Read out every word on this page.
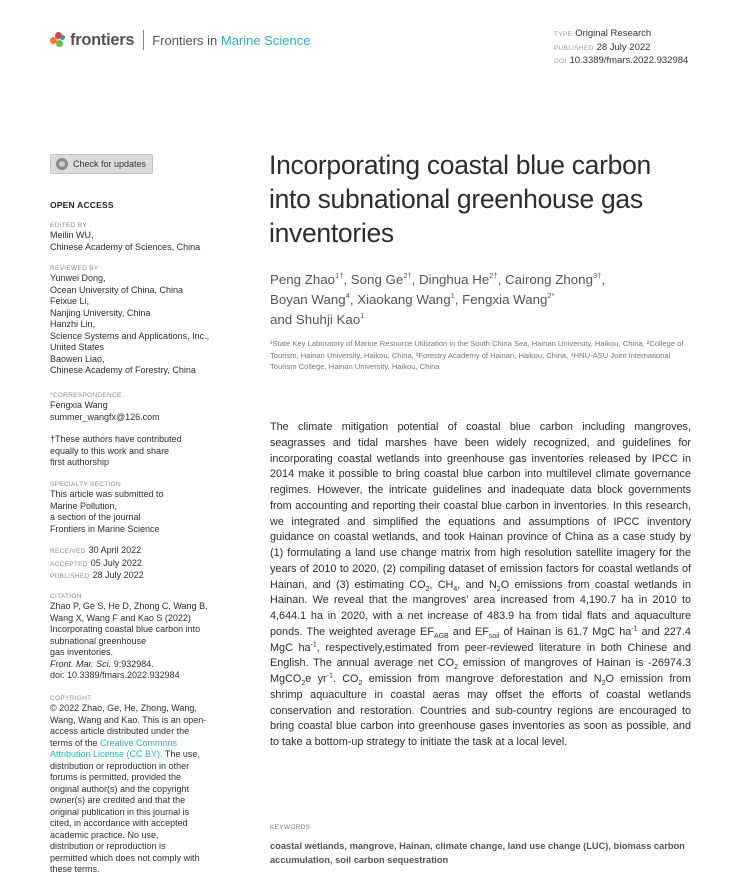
frontiers Frontiers in Marine Science	TYPE Original Research
PUBLISHED 28 July 2022
DOI 10.3389/fmars.2022.932984
Check for updates
OPEN ACCESS
EDITED BY
Meilin WU,
Chinese Academy of Sciences, China
REVIEWED BY
Yunwei Dong,
Ocean University of China, China
Feixue Li,
Nanjing University, China
Hanzhi Lin,
Science Systems and Applications, Inc.,
United States
Baowen Liao,
Chinese Academy of Forestry, China
*CORRESPONDENCE
Fengxia Wang
summer_wangfx@126.com
†These authors have contributed
equally to this work and share
first authorship
SPECIALTY SECTION
This article was submitted to
Marine Pollution,
a section of the journal
Frontiers in Marine Science
RECEIVED 30 April 2022
ACCEPTED 05 July 2022
PUBLISHED 28 July 2022
CITATION
Zhao P, Ge S, He D, Zhong C, Wang B,
Wang X, Wang F and Kao S (2022)
Incorporating coastal blue carbon into
subnational greenhouse
gas inventories.
Front. Mar. Sci. 9:932984.
doi: 10.3389/fmars.2022.932984
COPYRIGHT
© 2022 Zhao, Ge, He, Zhong, Wang,
Wang, Wang and Kao. This is an open-
access article distributed under the
terms of the Creative Commons
Attribution License (CC BY). The use,
distribution or reproduction in other
forums is permitted, provided the
original author(s) and the copyright
owner(s) are credited and that the
original publication in this journal is
cited, in accordance with accepted
academic practice. No use,
distribution or reproduction is
permitted which does not comply with
these terms.
Incorporating coastal blue carbon into subnational greenhouse gas inventories
Peng Zhao$^{1\dagger}$, Song $Ge^{2\dagger}$, Dinghua $He^{2\dagger}$, Cairong Zhong$^{3\dagger}$,
Boyan Wang$^4$, Xiaokang Wang$^1$, Fengxia Wang$^{2*}$
and Shuhji Kao$^1$
¹State Key Laboratory of Marine Resource Utilization in the South China Sea, Hainan University, Haikou, China, ²College of Tourism, Hainan University, Haikou, China, ³Forestry Academy of Hainan, Haikou, China, ⁴HNU-ASU Joint International Tourism College, Hainan University, Haikou, China
The climate mitigation potential of coastal blue carbon including mangroves, seagrasses and tidal marshes have been widely recognized, and guidelines for incorporating coastal wetlands into greenhouse gas inventories released by IPCC in 2014 make it possible to bring coastal blue carbon into multilevel climate governance regimes. However, the intricate guidelines and inadequate data block governments from accounting and reporting their coastal blue carbon in inventories. In this research, we integrated and simplified the equations and assumptions of IPCC inventory guidance on coastal wetlands, and took Hainan province of China as a case study by (1) formulating a land use change matrix from high resolution satellite imagery for the years of 2010 to 2020, (2) compiling dataset of emission factors for coastal wetlands of Hainan, and (3) estimating $CO_2$, $CH_4$, and $N_2O$ emissions from coastal wetlands in Hainan. We reveal that the mangroves’ area increased from 4,190.7 ha in 2010 to 4,644.1 ha in 2020, with a net increase of 483.9 ha from tidal flats and aquaculture ponds. The weighted average $EF_{AGB}$ and $EF_{soil}$ of Hainan is 61.7 MgC $ha^{-1}$ and 227.4 MgC $ha^{-1}$, respectively,estimated from peer-reviewed literature in both Chinese and English. The annual average net $CO_2$ emission of mangroves of Hainan is -26974.3 MgCO$_2$e $yr^{-1}$. $CO_2$ emission from mangrove deforestation and $N_2O$ emission from shrimp aquaculture in coastal aeras may offset the efforts of coastal wetlands conservation and restoration. Countries and sub-country regions are encouraged to bring coastal blue carbon into greenhouse gases inventories as soon as possible, and to take a bottom-up strategy to initiate the task at a local level.
KEYWORDS
coastal wetlands, mangrove, Hainan, climate change, land use change (LUC), biomass carbon accumulation, soil carbon sequestration
